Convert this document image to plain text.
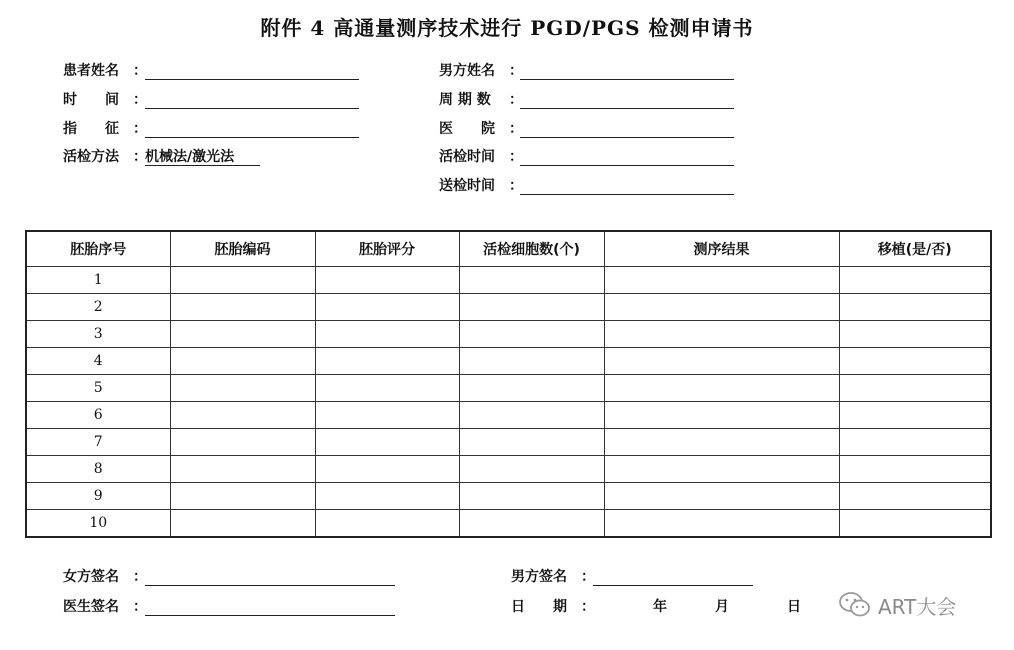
附件 4 高通量测序技术进行 PGD/PGS 检测申请书
患者姓名 ：
时　　间 ：
指　　征 ：
活检方法 ：
机械法/激光法
男方姓名 ：
周 期 数 ：
医　　院 ：
活检时间 ：
送检时间 ：
胚胎序号	胚胎编码	胚胎评分	活检细胞数(个)	测序结果	移植(是/否)
1					
2					
3					
4					
5					
6					
7					
8					
9					
10					
女方签名 ：
医生签名 ：
男方签名 ：
日　　期 ：	年	月	日	ART大会
